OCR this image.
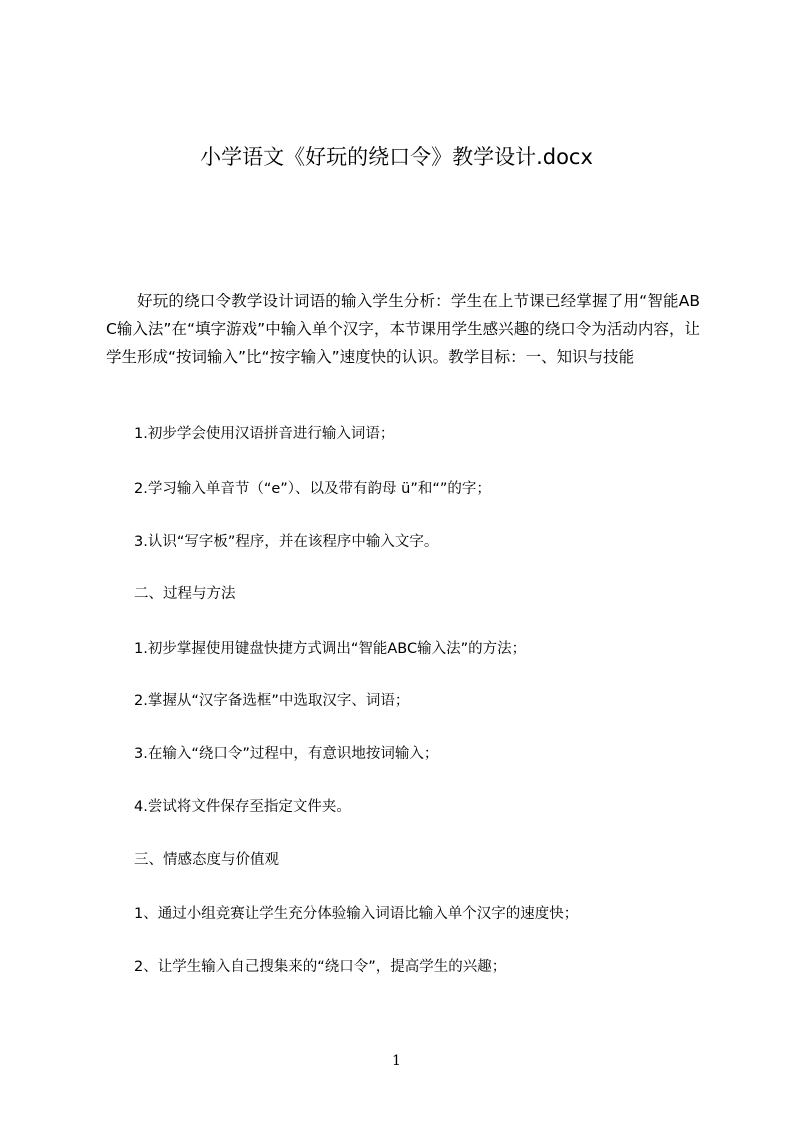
小学语文《好玩的绕口令》教学设计.docx
好玩的绕口令教学设计词语的输入学生分析：学生在上节课已经掌握了用“智能ABC输入法”在“填字游戏”中输入单个汉字，本节课用学生感兴趣的绕口令为活动内容，让学生形成“按词输入”比“按字输入”速度快的认识。教学目标：一、知识与技能
1.初步学会使用汉语拼音进行输入词语；
2.学习输入单音节（“e”）、以及带有韵母 ü”和“”的字；
3.认识“写字板”程序，并在该程序中输入文字。
二、过程与方法
1.初步掌握使用键盘快捷方式调出“智能ABC输入法”的方法；
2.掌握从“汉字备选框”中选取汉字、词语；
3.在输入“绕口令”过程中，有意识地按词输入；
4.尝试将文件保存至指定文件夹。
三、情感态度与价值观
1、通过小组竞赛让学生充分体验输入词语比输入单个汉字的速度快；
2、让学生输入自己搜集来的“绕口令”，提高学生的兴趣；
1
